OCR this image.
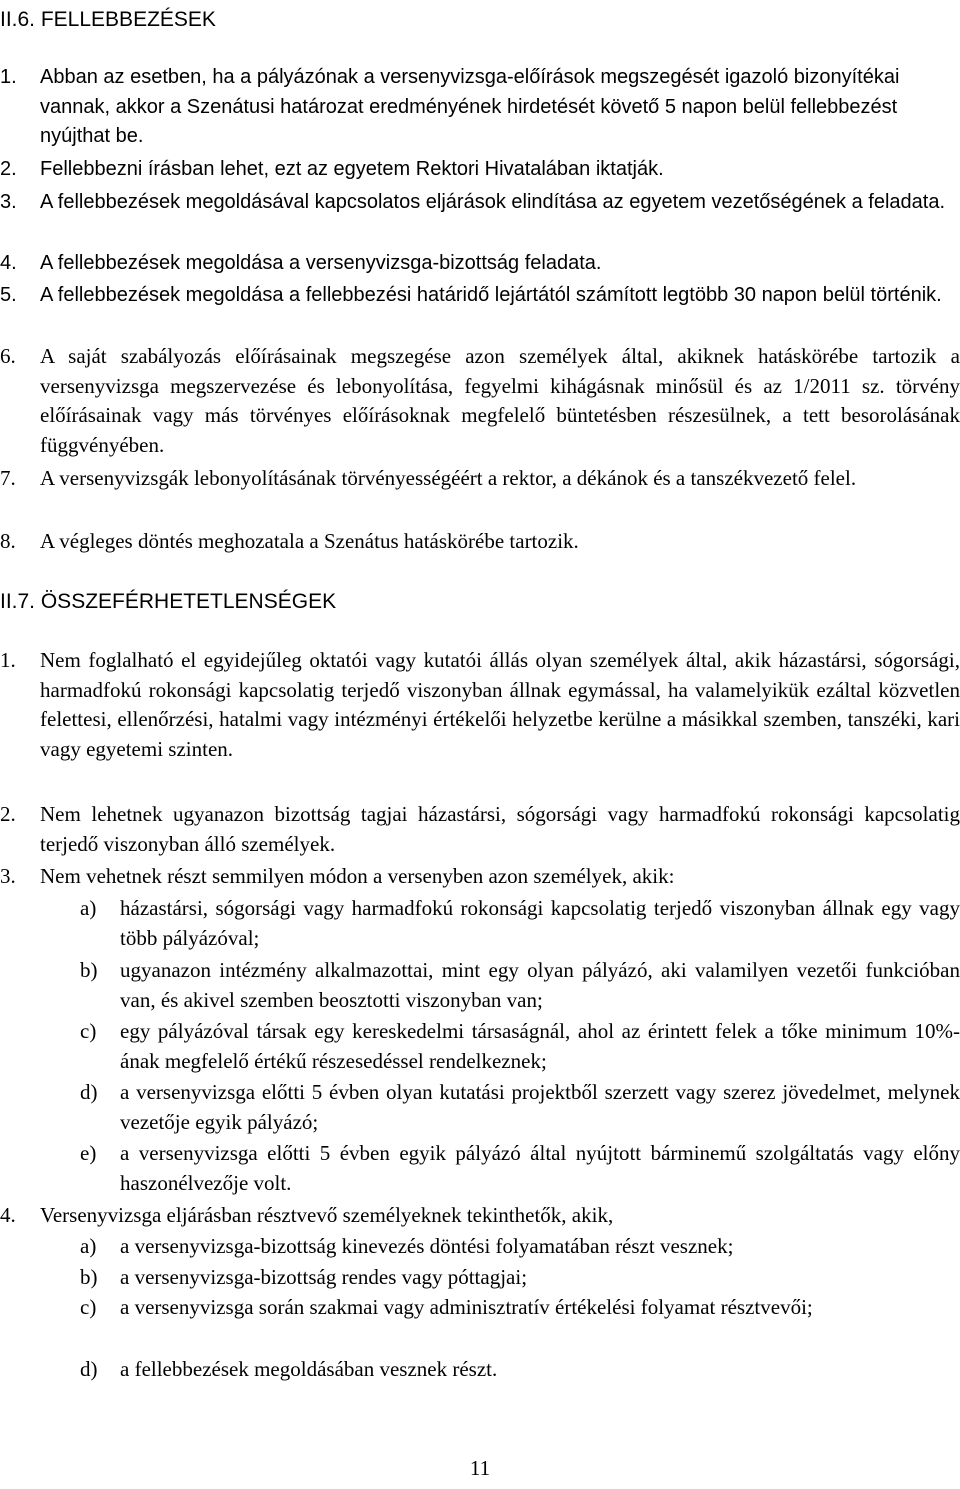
II.6. FELLEBBEZÉSEK
1. Abban az esetben, ha a pályázónak a versenyvizsga-előírások megszegését igazoló bizonyítékai vannak, akkor a Szenátusi határozat eredményének hirdetését követő 5 napon belül fellebbezést nyújthat be.
2. Fellebbezni írásban lehet, ezt az egyetem Rektori Hivatalában iktatják.
3. A fellebbezések megoldásával kapcsolatos eljárások elindítása az egyetem vezetőségének a feladata.
4. A fellebbezések megoldása a versenyvizsga-bizottság feladata.
5. A fellebbezések megoldása a fellebbezési határidő lejártától számított legtöbb 30 napon belül történik.
6. A saját szabályozás előírásainak megszegése azon személyek által, akiknek hatáskörébe tartozik a versenyvizsga megszervezése és lebonyolítása, fegyelmi kihágásnak minősül és az 1/2011 sz. törvény előírásainak vagy más törvényes előírásoknak megfelelő büntetésben részesülnek, a tett besorolásának függvényében.
7. A versenyvizsgák lebonyolításának törvényességéért a rektor, a dékánok és a tanszékvezető felel.
8. A végleges döntés meghozatala a Szenátus hatáskörébe tartozik.
II.7. ÖSSZEFÉRHETETLENSÉGEK
1. Nem foglalható el egyidejűleg oktatói vagy kutatói állás olyan személyek által, akik házastársi, sógorsági, harmadfokú rokonsági kapcsolatig terjedő viszonyban állnak egymással, ha valamelyikük ezáltal közvetlen felettesi, ellenőrzési, hatalmi vagy intézményi értékelői helyzetbe kerülne a másikkal szemben, tanszéki, kari vagy egyetemi szinten.
2. Nem lehetnek ugyanazon bizottság tagjai házastársi, sógorsági vagy harmadfokú rokonsági kapcsolatig terjedő viszonyban álló személyek.
3. Nem vehetnek részt semmilyen módon a versenyben azon személyek, akik:
a) házastársi, sógorsági vagy harmadfokú rokonsági kapcsolatig terjedő viszonyban állnak egy vagy több pályázóval;
b) ugyanazon intézmény alkalmazottai, mint egy olyan pályázó, aki valamilyen vezetői funkcióban van, és akivel szemben beosztotti viszonyban van;
c) egy pályázóval társak egy kereskedelmi társaságnál, ahol az érintett felek a tőke minimum 10%-ának megfelelő értékű részesedéssel rendelkeznek;
d) a versenyvizsga előtti 5 évben olyan kutatási projektből szerzett vagy szerez jövedelmet, melynek vezetője egyik pályázó;
e) a versenyvizsga előtti 5 évben egyik pályázó által nyújtott bárminemű szolgáltatás vagy előny haszonélvezője volt.
4. Versenyvizsga eljárásban résztvevő személyeknek tekinthetők, akik,
a) a versenyvizsga-bizottság kinevezés döntési folyamatában részt vesznek;
b) a versenyvizsga-bizottság rendes vagy póttagjai;
c) a versenyvizsga során szakmai vagy adminisztratív értékelési folyamat résztvevői;
d) a fellebbezések megoldásában vesznek részt.
11
